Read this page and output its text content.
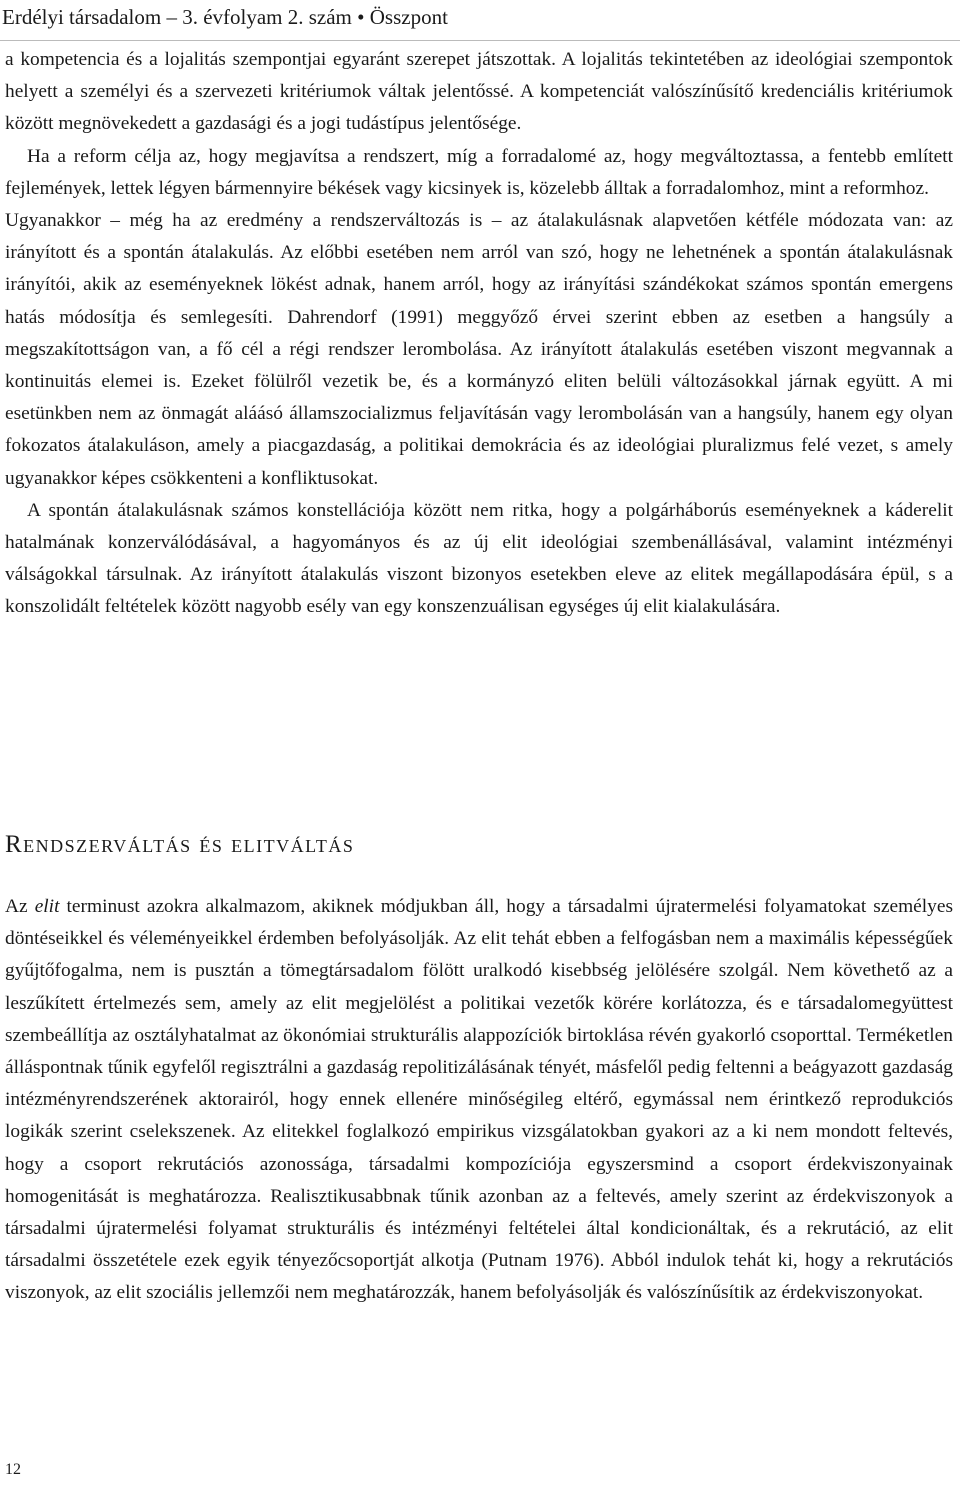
Erdélyi társadalom – 3. évfolyam 2. szám • Összpont

a kompetencia és a lojalitás szempontjai egyaránt szerepet játszottak. A lojalitás tekintetében az ideológiai szempontok helyett a személyi és a szervezeti kritériumok váltak jelentőssé. A kompetenciát valószínűsítő kredenciális kritériumok között megnövekedett a gazdasági és a jogi tudástípus jelentősége.

Ha a reform célja az, hogy megjavítsa a rendszert, míg a forradalomé az, hogy megváltoztassa, a fentebb említett fejlemények, lettek légyen bármennyire békések vagy kicsinyek is, közelebb álltak a forradalomhoz, mint a reformhoz.

Ugyanakkor – még ha az eredmény a rendszerváltozás is – az átalakulásnak alapvetően kétféle módozata van: az irányított és a spontán átalakulás. Az előbbi esetében nem arról van szó, hogy ne lehetnének a spontán átalakulásnak irányítói, akik az eseményeknek lökést adnak, hanem arról, hogy az irányítási szándékokat számos spontán emergens hatás módosítja és semlegesíti. Dahrendorf (1991) meggyőző érvei szerint ebben az esetben a hangsúly a megszakítottságon van, a fő cél a régi rendszer lerombolása. Az irányított átalakulás esetében viszont megvannak a kontinuitás elemei is. Ezeket fölülről vezetik be, és a kormányzó eliten belüli változásokkal járnak együtt. A mi esetünkben nem az önmagát aláásó államszocializmus feljavításán vagy lerombolásán van a hangsúly, hanem egy olyan fokozatos átalakuláson, amely a piacgazdaság, a politikai demokrácia és az ideológiai pluralizmus felé vezet, s amely ugyanakkor képes csökkenteni a konfliktusokat.

A spontán átalakulásnak számos konstellációja között nem ritka, hogy a polgárháborús eseményeknek a káderelit hatalmának konzerválódásával, a hagyományos és az új elit ideológiai szembenállásával, valamint intézményi válságokkal társulnak. Az irányított átalakulás viszont bizonyos esetekben eleve az elitek megállapodására épül, s a konszolidált feltételek között nagyobb esély van egy konszenzuálisan egységes új elit kialakulására.

Rendszerváltás és elitváltás

Az elit terminust azokra alkalmazom, akiknek módjukban áll, hogy a társadalmi újratermelési folyamatokat személyes döntéseikkel és véleményeikkel érdemben befolyásolják. Az elit tehát ebben a felfogásban nem a maximális képességűek gyűjtőfogalma, nem is pusztán a tömegtársadalom fölött uralkodó kisebbség jelölésére szolgál. Nem követhető az a leszűkített értelmezés sem, amely az elit megjelölést a politikai vezetők körére korlátozza, és e társadalomegyüttest szembeállítja az osztályhatalmat az ökonómiai strukturális alappozíciók birtoklása révén gyakorló csoporttal. Terméketlen álláspontnak tűnik egyfelől regisztrálni a gazdaság repolitizálásának tényét, másfelől pedig feltenni a beágyazott gazdaság intézményrendszerének aktorairól, hogy ennek ellenére minőségileg eltérő, egymással nem érintkező reprodukciós logikák szerint cselekszenek. Az elitekkel foglalkozó empirikus vizsgálatokban gyakori az a ki nem mondott feltevés, hogy a csoport rekrutációs azonossága, társadalmi kompozíciója egyszersmind a csoport érdekviszonyainak homogenitását is meghatározza. Realisztikusabbnak tűnik azonban az a feltevés, amely szerint az érdekviszonyok a társadalmi újratermelési folyamat strukturális és intézményi feltételei által kondicionáltak, és a rekrutáció, az elit társadalmi összetétele ezek egyik tényezőcsoportját alkotja (Putnam 1976). Abból indulok tehát ki, hogy a rekrutációs viszonyok, az elit szociális jellemzői nem meghatározzák, hanem befolyásolják és valószínűsítik az érdekviszonyokat.

12
